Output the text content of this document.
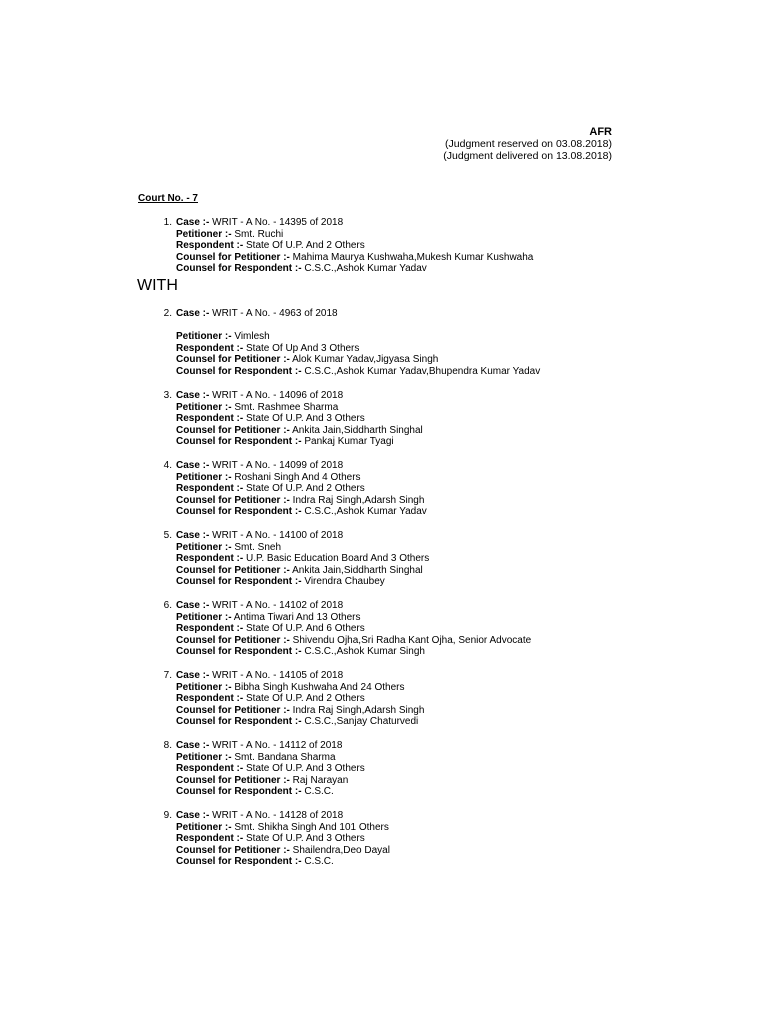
AFR
(Judgment reserved on 03.08.2018)
(Judgment delivered on 13.08.2018)
Court No. - 7
1. Case :- WRIT - A No. - 14395 of 2018
Petitioner :- Smt. Ruchi
Respondent :- State Of U.P. And 2 Others
Counsel for Petitioner :- Mahima Maurya Kushwaha,Mukesh Kumar Kushwaha
Counsel for Respondent :- C.S.C.,Ashok Kumar Yadav
WITH
2. Case :- WRIT - A No. - 4963 of 2018
Petitioner :- Vimlesh
Respondent :- State Of Up And 3 Others
Counsel for Petitioner :- Alok Kumar Yadav,Jigyasa Singh
Counsel for Respondent :- C.S.C.,Ashok Kumar Yadav,Bhupendra Kumar Yadav
3. Case :- WRIT - A No. - 14096 of 2018
Petitioner :- Smt. Rashmee Sharma
Respondent :- State Of U.P. And 3 Others
Counsel for Petitioner :- Ankita Jain,Siddharth Singhal
Counsel for Respondent :- Pankaj Kumar Tyagi
4. Case :- WRIT - A No. - 14099 of 2018
Petitioner :- Roshani Singh And 4 Others
Respondent :- State Of U.P. And 2 Others
Counsel for Petitioner :- Indra Raj Singh,Adarsh Singh
Counsel for Respondent :- C.S.C.,Ashok Kumar Yadav
5. Case :- WRIT - A No. - 14100 of 2018
Petitioner :- Smt. Sneh
Respondent :- U.P. Basic Education Board And 3 Others
Counsel for Petitioner :- Ankita Jain,Siddharth Singhal
Counsel for Respondent :- Virendra Chaubey
6. Case :- WRIT - A No. - 14102 of 2018
Petitioner :- Antima Tiwari And 13 Others
Respondent :- State Of U.P. And 6 Others
Counsel for Petitioner :- Shivendu Ojha,Sri Radha Kant Ojha, Senior Advocate
Counsel for Respondent :- C.S.C.,Ashok Kumar Singh
7. Case :- WRIT - A No. - 14105 of 2018
Petitioner :- Bibha Singh Kushwaha And 24 Others
Respondent :- State Of U.P. And 2 Others
Counsel for Petitioner :- Indra Raj Singh,Adarsh Singh
Counsel for Respondent :- C.S.C.,Sanjay Chaturvedi
8. Case :- WRIT - A No. - 14112 of 2018
Petitioner :- Smt. Bandana Sharma
Respondent :- State Of U.P. And 3 Others
Counsel for Petitioner :- Raj Narayan
Counsel for Respondent :- C.S.C.
9. Case :- WRIT - A No. - 14128 of 2018
Petitioner :- Smt. Shikha Singh And 101 Others
Respondent :- State Of U.P. And 3 Others
Counsel for Petitioner :- Shailendra,Deo Dayal
Counsel for Respondent :- C.S.C.
